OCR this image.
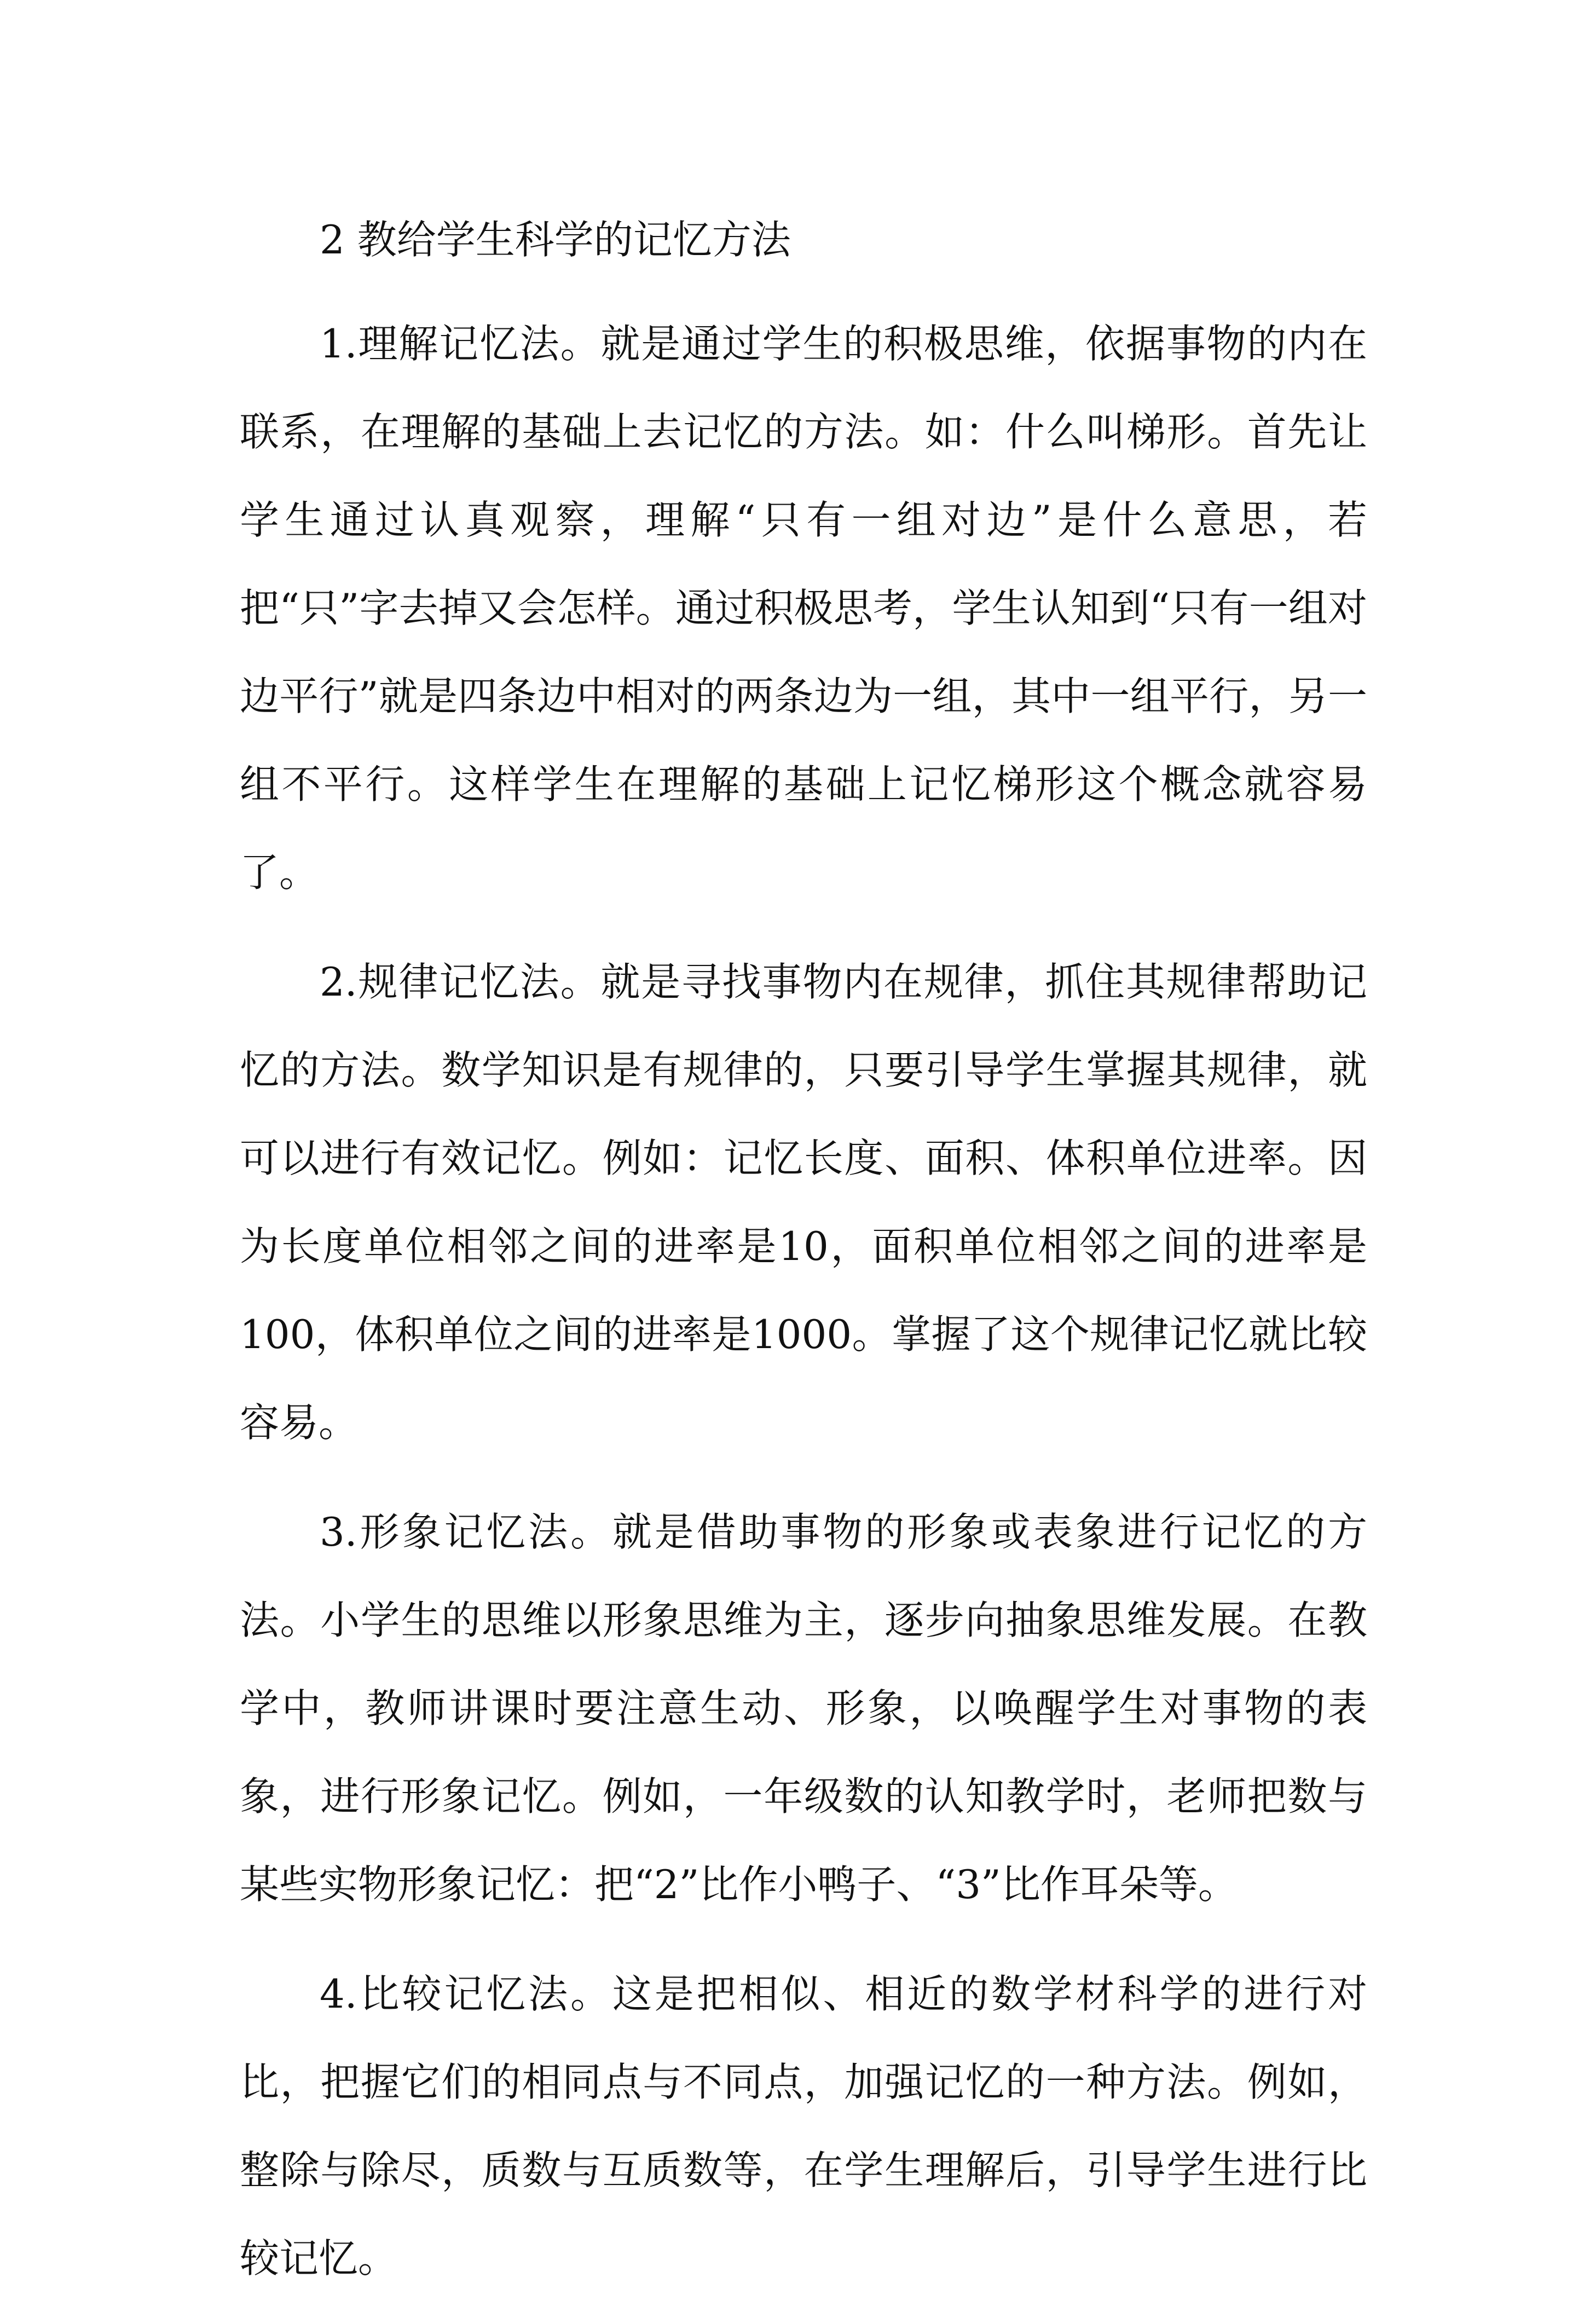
2 教给学生科学的记忆方法

1.理解记忆法。就是通过学生的积极思维，依据事物的内在联系，在理解的基础上去记忆的方法。如：什么叫梯形。首先让学生通过认真观察，理解“只有一组对边”是什么意思，若把“只”字去掉又会怎样。通过积极思考，学生认知到“只有一组对边平行”就是四条边中相对的两条边为一组，其中一组平行，另一组不平行。这样学生在理解的基础上记忆梯形这个概念就容易了。

2.规律记忆法。就是寻找事物内在规律，抓住其规律帮助记忆的方法。数学知识是有规律的，只要引导学生掌握其规律，就可以进行有效记忆。例如：记忆长度、面积、体积单位进率。因为长度单位相邻之间的进率是10，面积单位相邻之间的进率是100，体积单位之间的进率是1000。掌握了这个规律记忆就比较容易。

3.形象记忆法。就是借助事物的形象或表象进行记忆的方法。小学生的思维以形象思维为主，逐步向抽象思维发展。在教学中，教师讲课时要注意生动、形象，以唤醒学生对事物的表象，进行形象记忆。例如，一年级数的认知教学时，老师把数与某些实物形象记忆：把“2”比作小鸭子、“3”比作耳朵等。

4.比较记忆法。这是把相似、相近的数学材科学的进行对比，把握它们的相同点与不同点，加强记忆的一种方法。例如，整除与除尽，质数与互质数等，在学生理解后，引导学生进行比较记忆。
